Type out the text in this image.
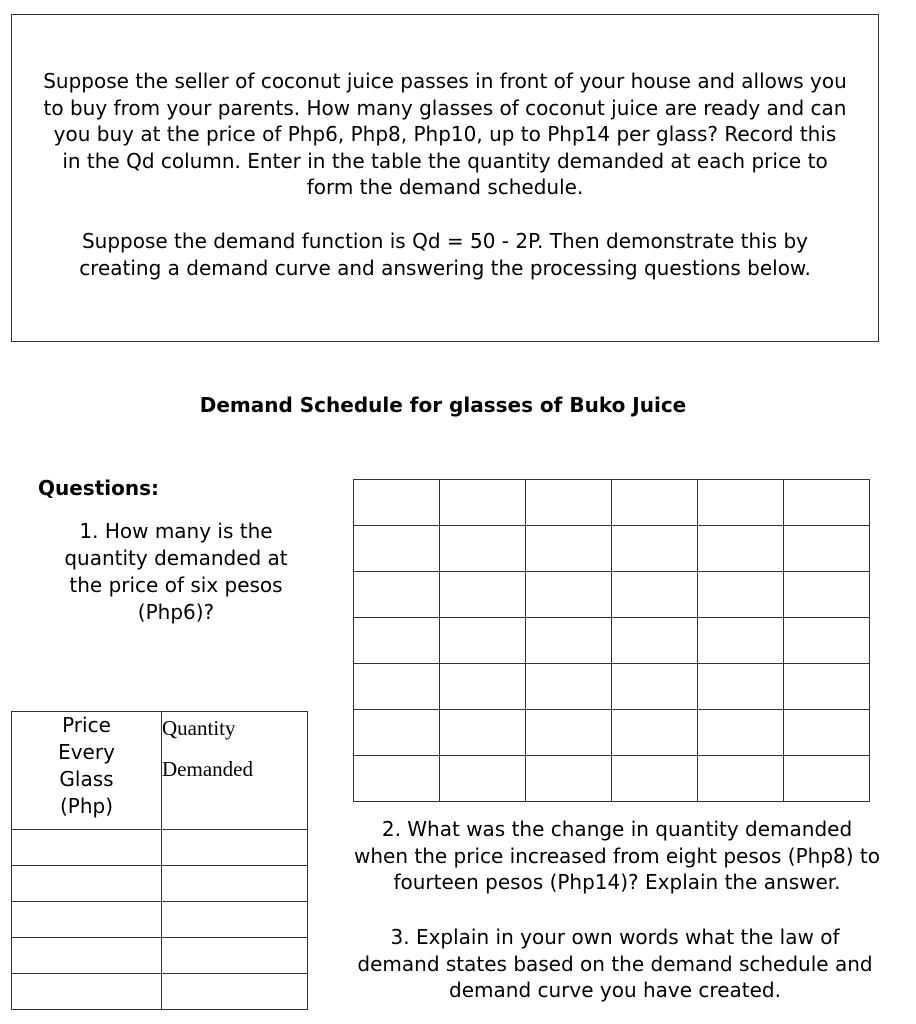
Suppose the seller of coconut juice passes in front of your house and allows you to buy from your parents. How many glasses of coconut juice are ready and can you buy at the price of Php6, Php8, Php10, up to Php14 per glass? Record this in the Qd column. Enter in the table the quantity demanded at each price to form the demand schedule.

Suppose the demand function is Qd = 50 - 2P. Then demonstrate this by creating a demand curve and answering the processing questions below.

Demand Schedule for glasses of Buko Juice

Questions:

1. How many is the quantity demanded at the price of six pesos (Php6)?

2. What was the change in quantity demanded when the price increased from eight pesos (Php8) to fourteen pesos (Php14)? Explain the answer.

3. Explain in your own words what the law of demand states based on the demand schedule and demand curve you have created.

Price Every Glass (Php)	Quantity
Demanded
